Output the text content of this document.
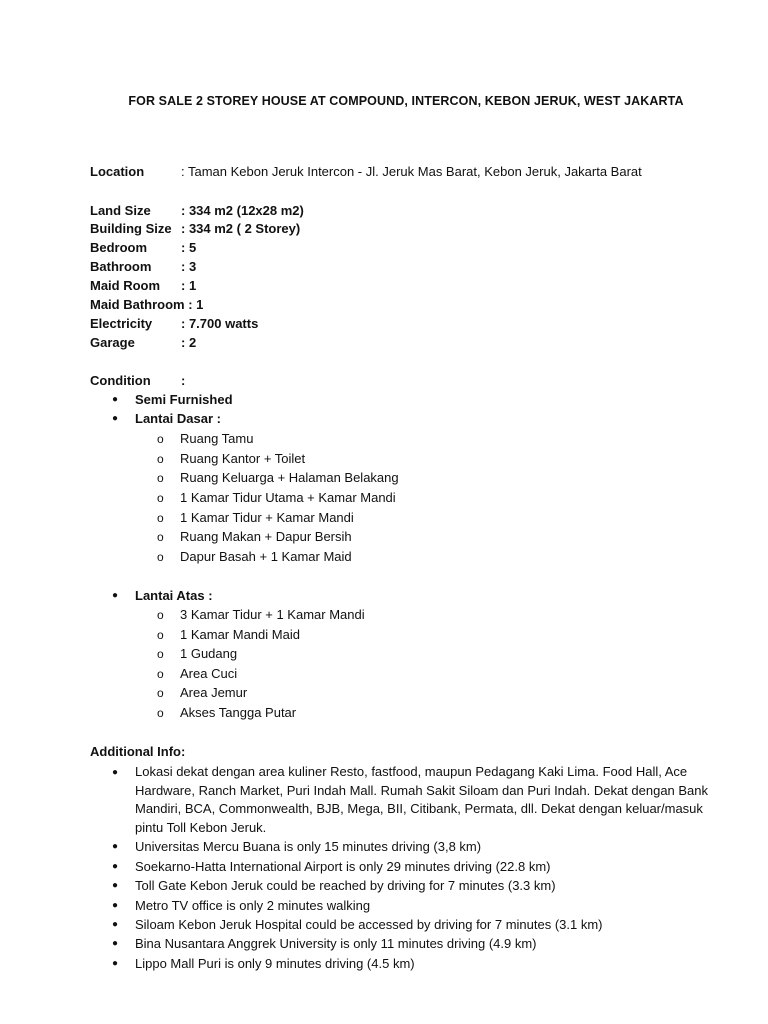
FOR SALE 2 STOREY HOUSE AT COMPOUND, INTERCON, KEBON JERUK, WEST JAKARTA
Location	: Taman Kebon Jeruk Intercon - Jl. Jeruk Mas Barat, Kebon Jeruk, Jakarta Barat
Land Size : 334 m2 (12x28 m2)
Building Size : 334 m2 ( 2 Storey)
Bedroom	: 5
Bathroom : 3
Maid Room : 1
Maid Bathroom : 1
Electricity : 7.700 watts
Garage	: 2
Condition :
● Semi Furnished
● Lantai Dasar :
o Ruang Tamu
o Ruang Kantor + Toilet
o Ruang Keluarga + Halaman Belakang
o 1 Kamar Tidur Utama + Kamar Mandi
o 1 Kamar Tidur + Kamar Mandi
o Ruang Makan + Dapur Bersih
o Dapur Basah + 1 Kamar Maid
● Lantai Atas :
o 3 Kamar Tidur + 1 Kamar Mandi
o 1 Kamar Mandi Maid
o 1 Gudang
o Area Cuci
o Area Jemur
o Akses Tangga Putar
Additional Info:
● Lokasi dekat dengan area kuliner Resto, fastfood, maupun Pedagang Kaki Lima. Food Hall, Ace Hardware, Ranch Market, Puri Indah Mall. Rumah Sakit Siloam dan Puri Indah. Dekat dengan Bank Mandiri, BCA, Commonwealth, BJB, Mega, BII, Citibank, Permata, dll. Dekat dengan keluar/masuk pintu Toll Kebon Jeruk.
● Universitas Mercu Buana is only 15 minutes driving (3,8 km)
● Soekarno-Hatta International Airport is only 29 minutes driving (22.8 km)
● Toll Gate Kebon Jeruk could be reached by driving for 7 minutes (3.3 km)
● Metro TV office is only 2 minutes walking
● Siloam Kebon Jeruk Hospital could be accessed by driving for 7 minutes (3.1 km)
● Bina Nusantara Anggrek University is only 11 minutes driving (4.9 km)
● Lippo Mall Puri is only 9 minutes driving (4.5 km)
